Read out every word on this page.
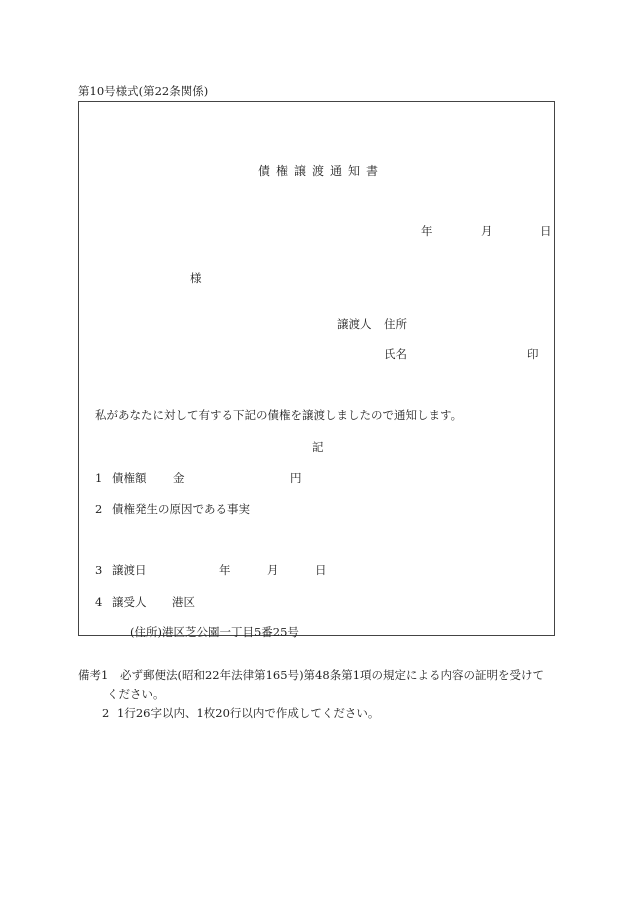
第10号様式(第22条関係)
債権譲渡通知書
年	月	日
様
譲渡人 住所
氏名	印
私があなたに対して有する下記の債権を譲渡しましたので通知します。
記
1 債権額 金	円
2 債権発生の原因である事実
3 譲渡日	年	月	日
4 譲受人 港区
(住所)港区芝公園一丁目5番25号
備考1 必ず郵便法(昭和22年法律第165号)第48条第1項の規定による内容の証明を受けて
ください。
2 1行26字以内、1枚20行以内で作成してください。
